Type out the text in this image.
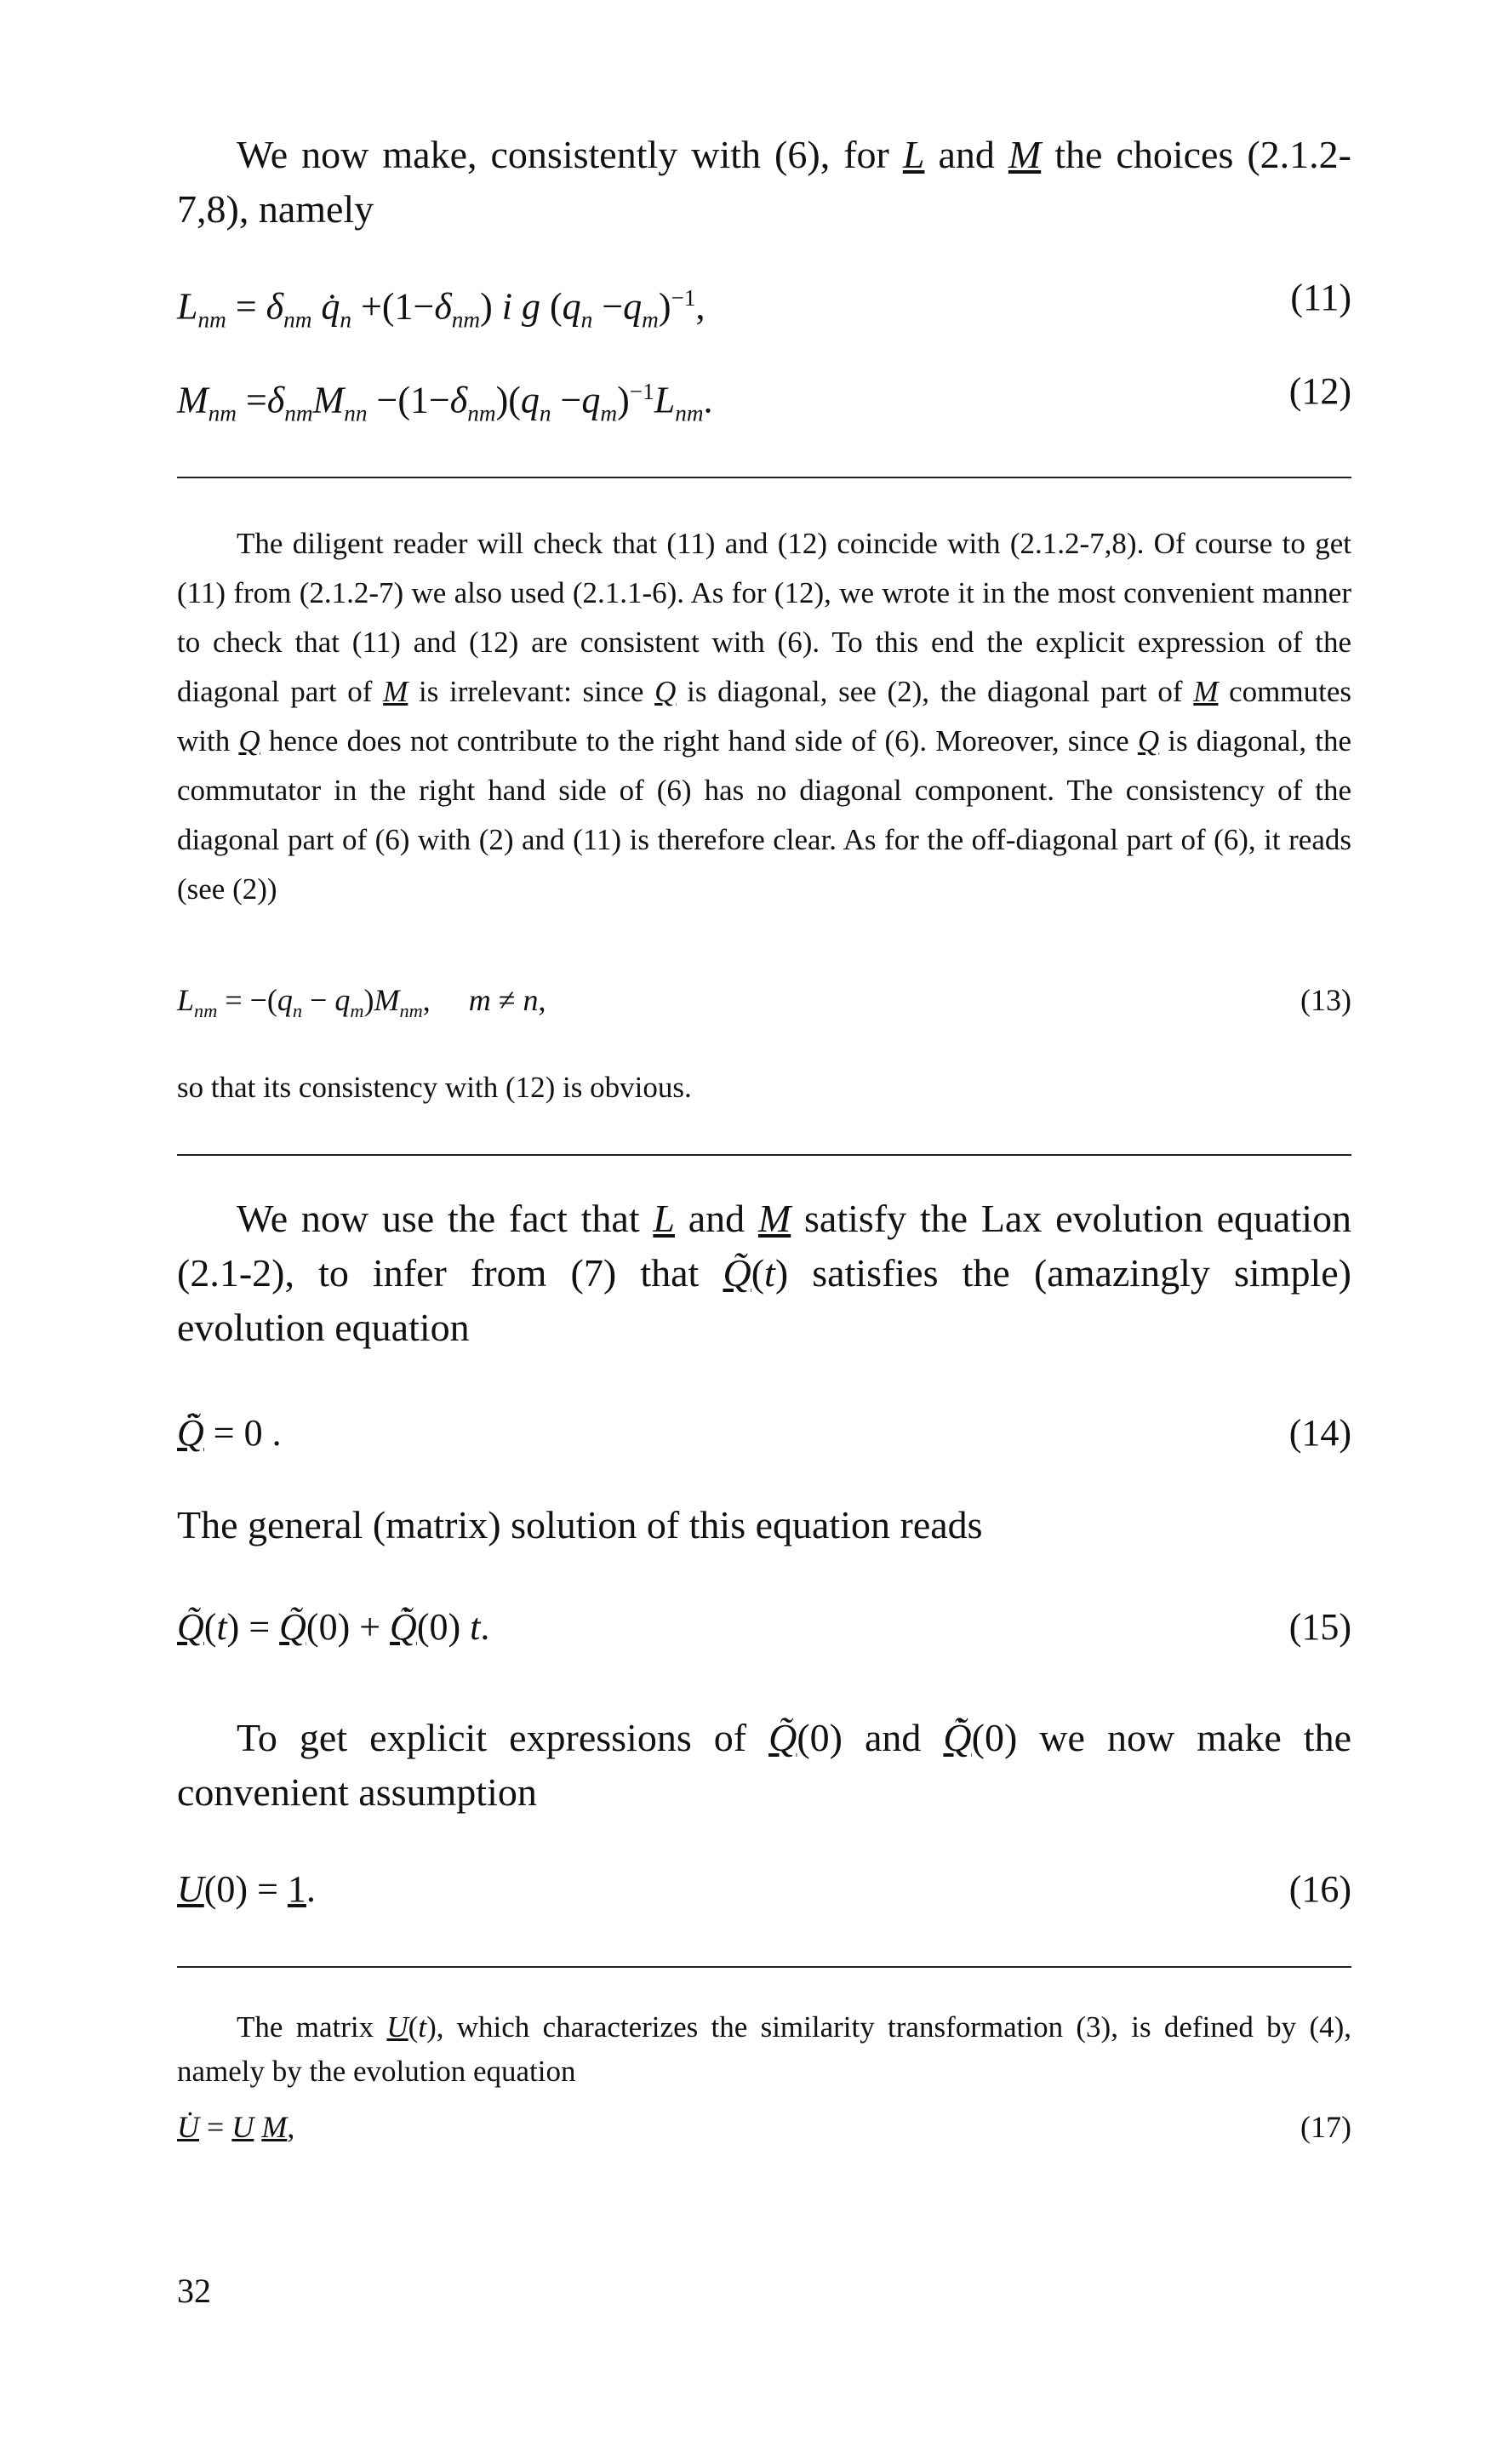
We now make, consistently with (6), for L and M the choices (2.1.2-7,8), namely
$L_{nm} = \delta_{nm}$ $q̇_n +(1-\delta_{nm})$ i g $(q_n -q_m)^{-1}$,	(11)
$M_{nm} =\delta_{nm}M_{nn} -(1-\delta_{nm})(q_n -q_m)^{-1}L_{nm}$.	(12)
The diligent reader will check that (11) and (12) coincide with (2.1.2-7,8). Of course to get (11) from (2.1.2-7) we also used (2.1.1-6). As for (12), we wrote it in the most convenient manner to check that (11) and (12) are consistent with (6). To this end the explicit expression of the diagonal part of M is irrelevant: since Q is diagonal, see (2), the diagonal part of M commutes with Q hence does not contribute to the right hand side of (6). Moreover, since Q is diagonal, the commutator in the right hand side of (6) has no diagonal component. The consistency of the diagonal part of (6) with (2) and (11) is therefore clear. As for the off-diagonal part of (6), it reads (see (2))
$L_{nm} = -(q_n - q_m)M_{nm}$,     m ≠ n,	(13)
so that its consistency with (12) is obvious.
We now use the fact that L and M satisfy the Lax evolution equation (2.1-2), to infer from (7) that Q̃(t) satisfies the (amazingly simple) evolution equation
Q̈̃ = 0 .	(14)
The general (matrix) solution of this equation reads
Q̃(t) = Q̃(0) + Q̃̇(0) t.	(15)
To get explicit expressions of Q̃(0) and Q̃̇(0) we now make the convenient assumption
U(0) = 1.	(16)
The matrix U(t), which characterizes the similarity transformation (3), is defined by (4), namely by the evolution equation
U̇ = U M,	(17)
32
